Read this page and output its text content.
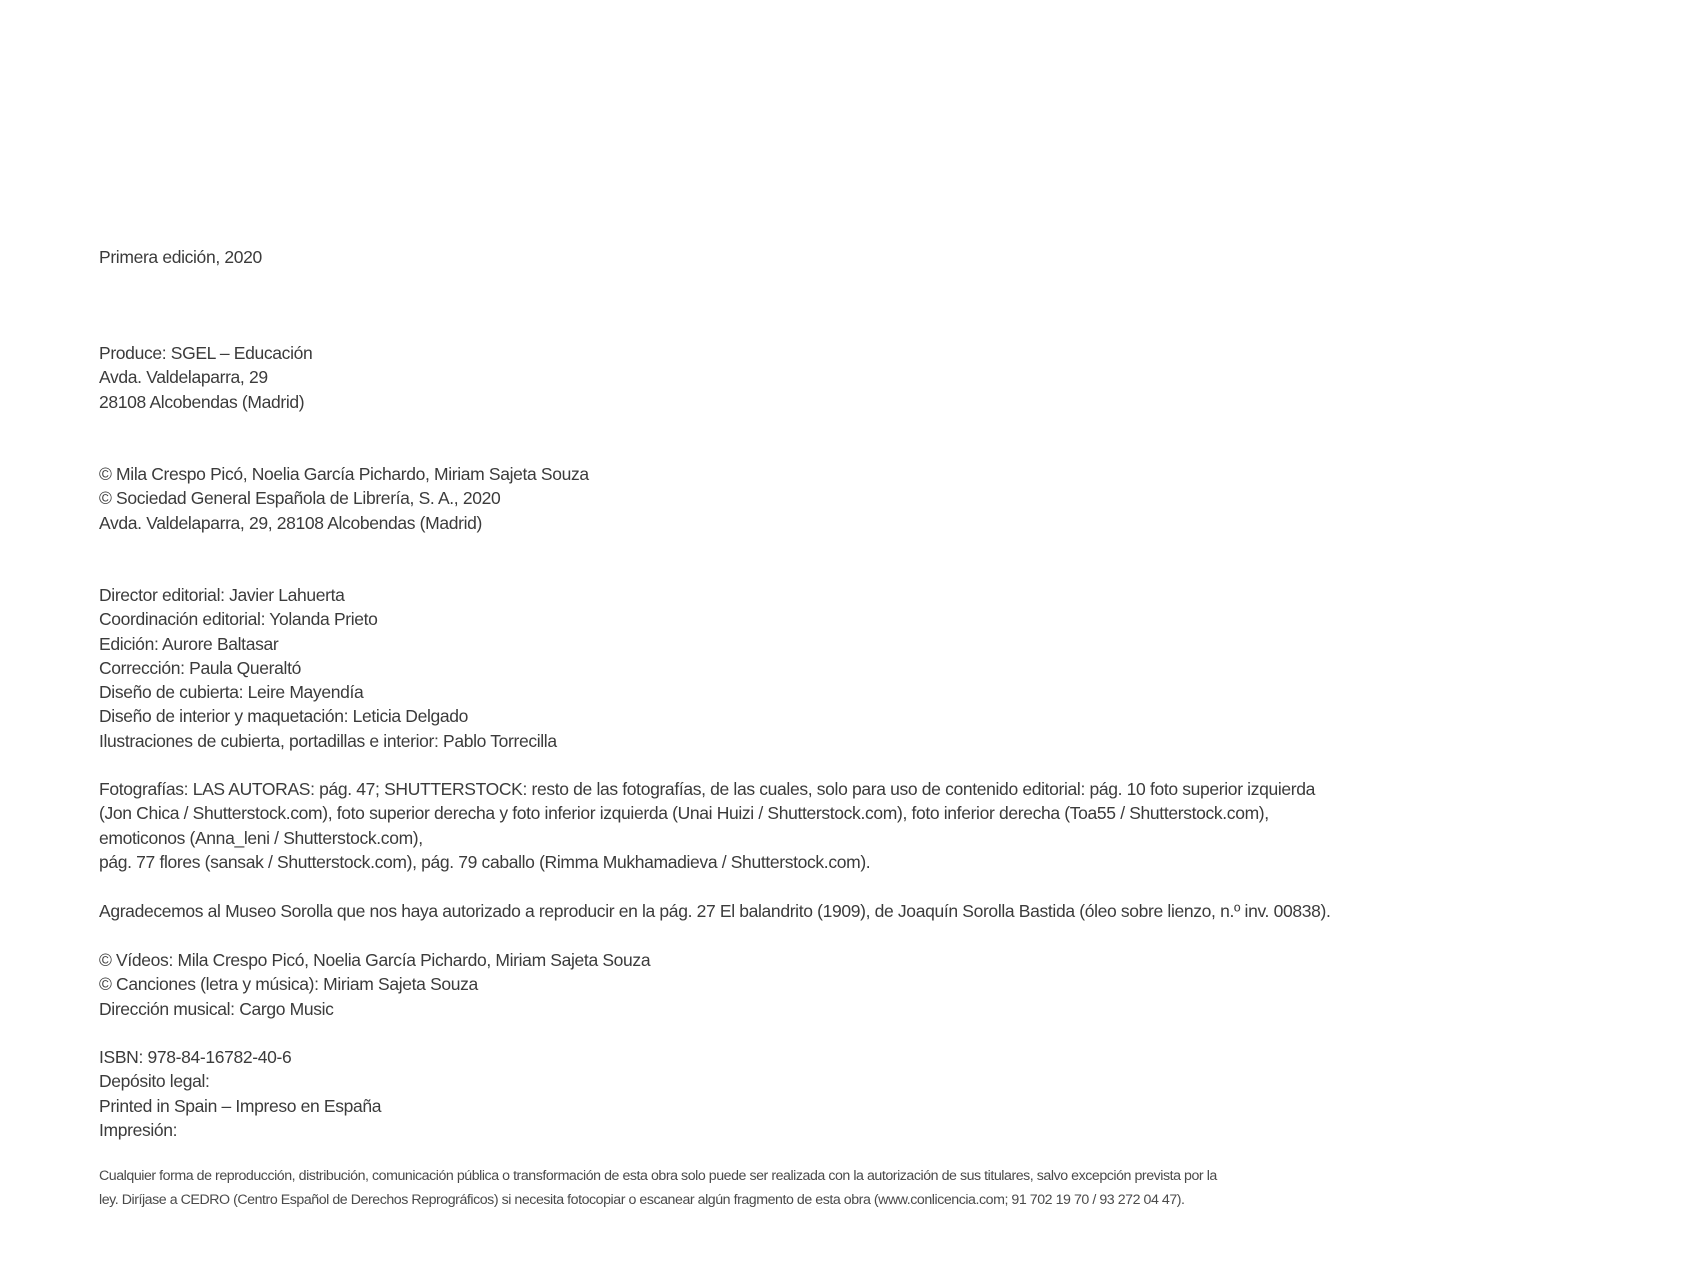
Primera edición, 2020
Produce: SGEL – Educación
Avda. Valdelaparra, 29
28108 Alcobendas (Madrid)
© Mila Crespo Picó, Noelia García Pichardo, Miriam Sajeta Souza
© Sociedad General Española de Librería, S. A., 2020
Avda. Valdelaparra, 29, 28108 Alcobendas (Madrid)
Director editorial: Javier Lahuerta
Coordinación editorial: Yolanda Prieto
Edición: Aurore Baltasar
Corrección: Paula Queraltó
Diseño de cubierta: Leire Mayendía
Diseño de interior y maquetación: Leticia Delgado
Ilustraciones de cubierta, portadillas e interior: Pablo Torrecilla
Fotografías: LAS AUTORAS: pág. 47; SHUTTERSTOCK: resto de las fotografías, de las cuales, solo para uso de contenido editorial: pág. 10 foto superior izquierda
(Jon Chica / Shutterstock.com), foto superior derecha y foto inferior izquierda (Unai Huizi / Shutterstock.com), foto inferior derecha (Toa55 / Shutterstock.com),
emoticonos (Anna_leni / Shutterstock.com),
pág. 77 flores (sansak / Shutterstock.com), pág. 79 caballo (Rimma Mukhamadieva / Shutterstock.com).
Agradecemos al Museo Sorolla que nos haya autorizado a reproducir en la pág. 27 El balandrito (1909), de Joaquín Sorolla Bastida (óleo sobre lienzo, n.º inv. 00838).
© Vídeos: Mila Crespo Picó, Noelia García Pichardo, Miriam Sajeta Souza
© Canciones (letra y música): Miriam Sajeta Souza
Dirección musical: Cargo Music
ISBN: 978-84-16782-40-6
Depósito legal:
Printed in Spain – Impreso en España
Impresión:
Cualquier forma de reproducción, distribución, comunicación pública o transformación de esta obra solo puede ser realizada con la autorización de sus titulares, salvo excepción prevista por la
ley. Diríjase a CEDRO (Centro Español de Derechos Reprográficos) si necesita fotocopiar o escanear algún fragmento de esta obra (www.conlicencia.com; 91 702 19 70 / 93 272 04 47).
